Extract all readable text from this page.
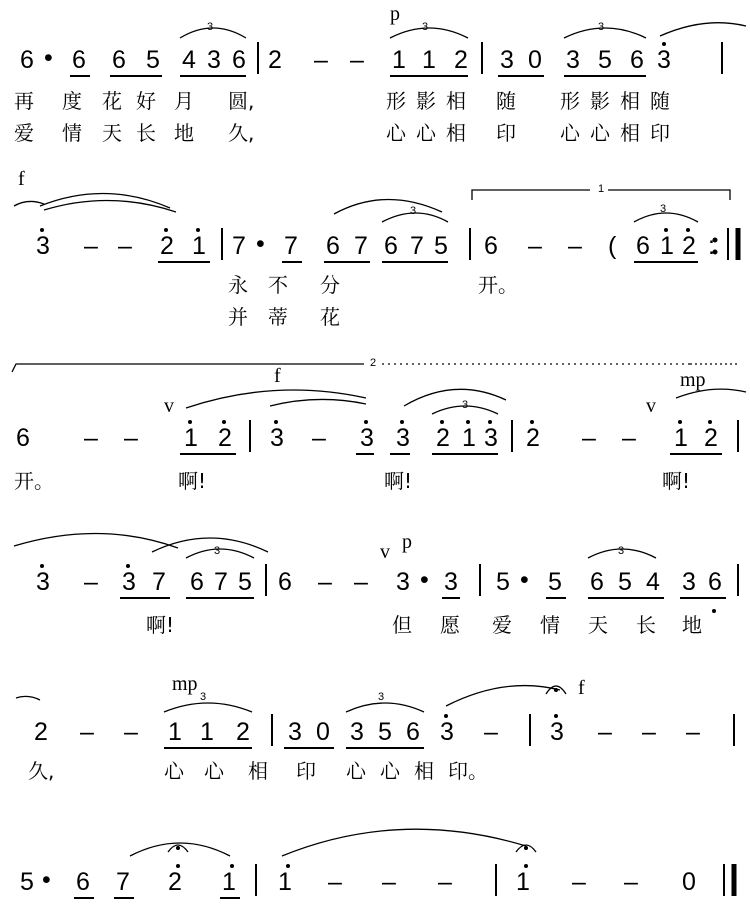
6 • 6 6 5 4 3 6 2 – – 1 1 2 3 0 3 5 6 3
再 度 花 好 月 圆,	形 影 相 随 形 影 相 随
爱 情 天 长 地 久,	心 心 相 印 心 心 相 印
p
3	3	3
3 – – 2 1 7 • 7 6 7 6 7 5 6 – – ( 6 1 2 :
永 不 分	开。
并 蒂 花
f
3	3
1
6 – – 1 2 3 – 3 3 2 1 3 2 – – 1 2
开。	啊!	啊!	啊!
v
f
v
mp
3
2
3 – 3 7 6 7 5 6 – – 3 • 3 5 • 5 6 5 4 3 6
啊!	但 愿 爱 情 天 长 地
v p
3	3
2 – – 1 1 2 3 0 3 5 6 3 – 3 – – –
久,	心 心 相 印 心 心 相 印。
mp	f
3	3
5 • 6 7 2 1 1 – – –	1 – – 0
